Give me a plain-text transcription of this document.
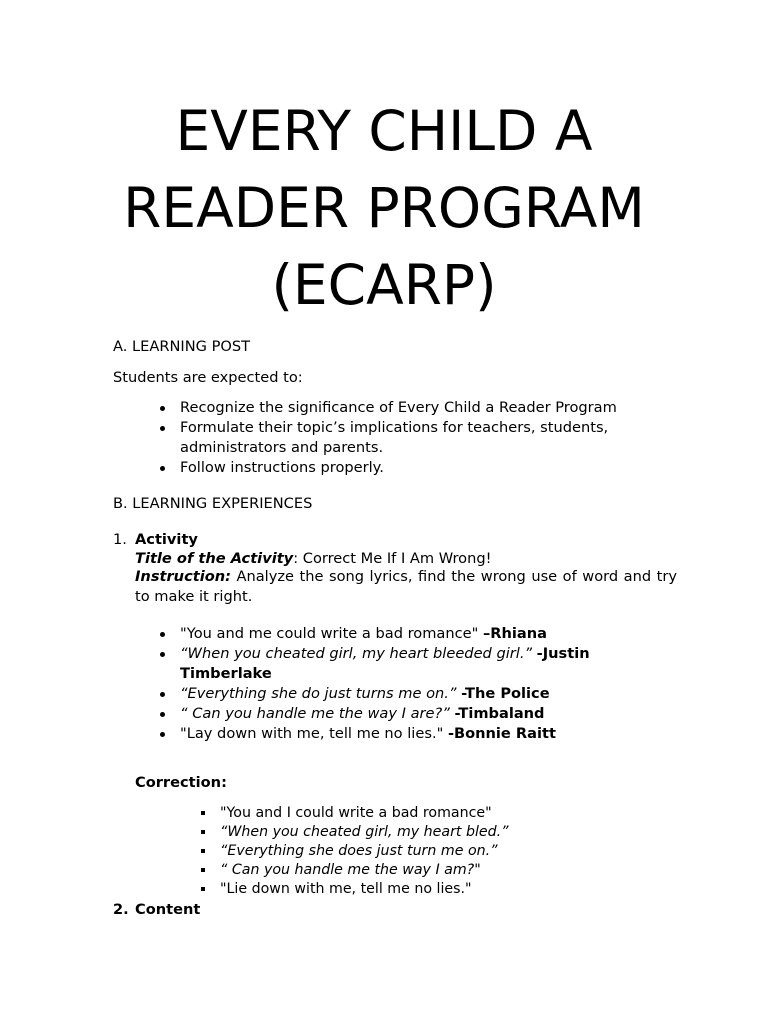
EVERY CHILD A
READER PROGRAM
(ECARP)
A. LEARNING POST
Students are expected to:
Recognize the significance of Every Child a Reader Program
Formulate their topic’s implications for teachers, students, administrators and parents.
Follow instructions properly.
B. LEARNING EXPERIENCES
1. Activity
Title of the Activity: Correct Me If I Am Wrong!
Instruction: Analyze the song lyrics, find the wrong use of word and try to make it right.
"You and me could write a bad romance" –Rhiana
“When you cheated girl, my heart bleeded girl.” -Justin Timberlake
“Everything she do just turns me on.” -The Police
“ Can you handle me the way I are?” -Timbaland
"Lay down with me, tell me no lies." -Bonnie Raitt
Correction:
"You and I could write a bad romance"
“When you cheated girl, my heart bled.”
“Everything she does just turn me on.”
“ Can you handle me the way I am?"
"Lie down with me, tell me no lies."
2. Content
